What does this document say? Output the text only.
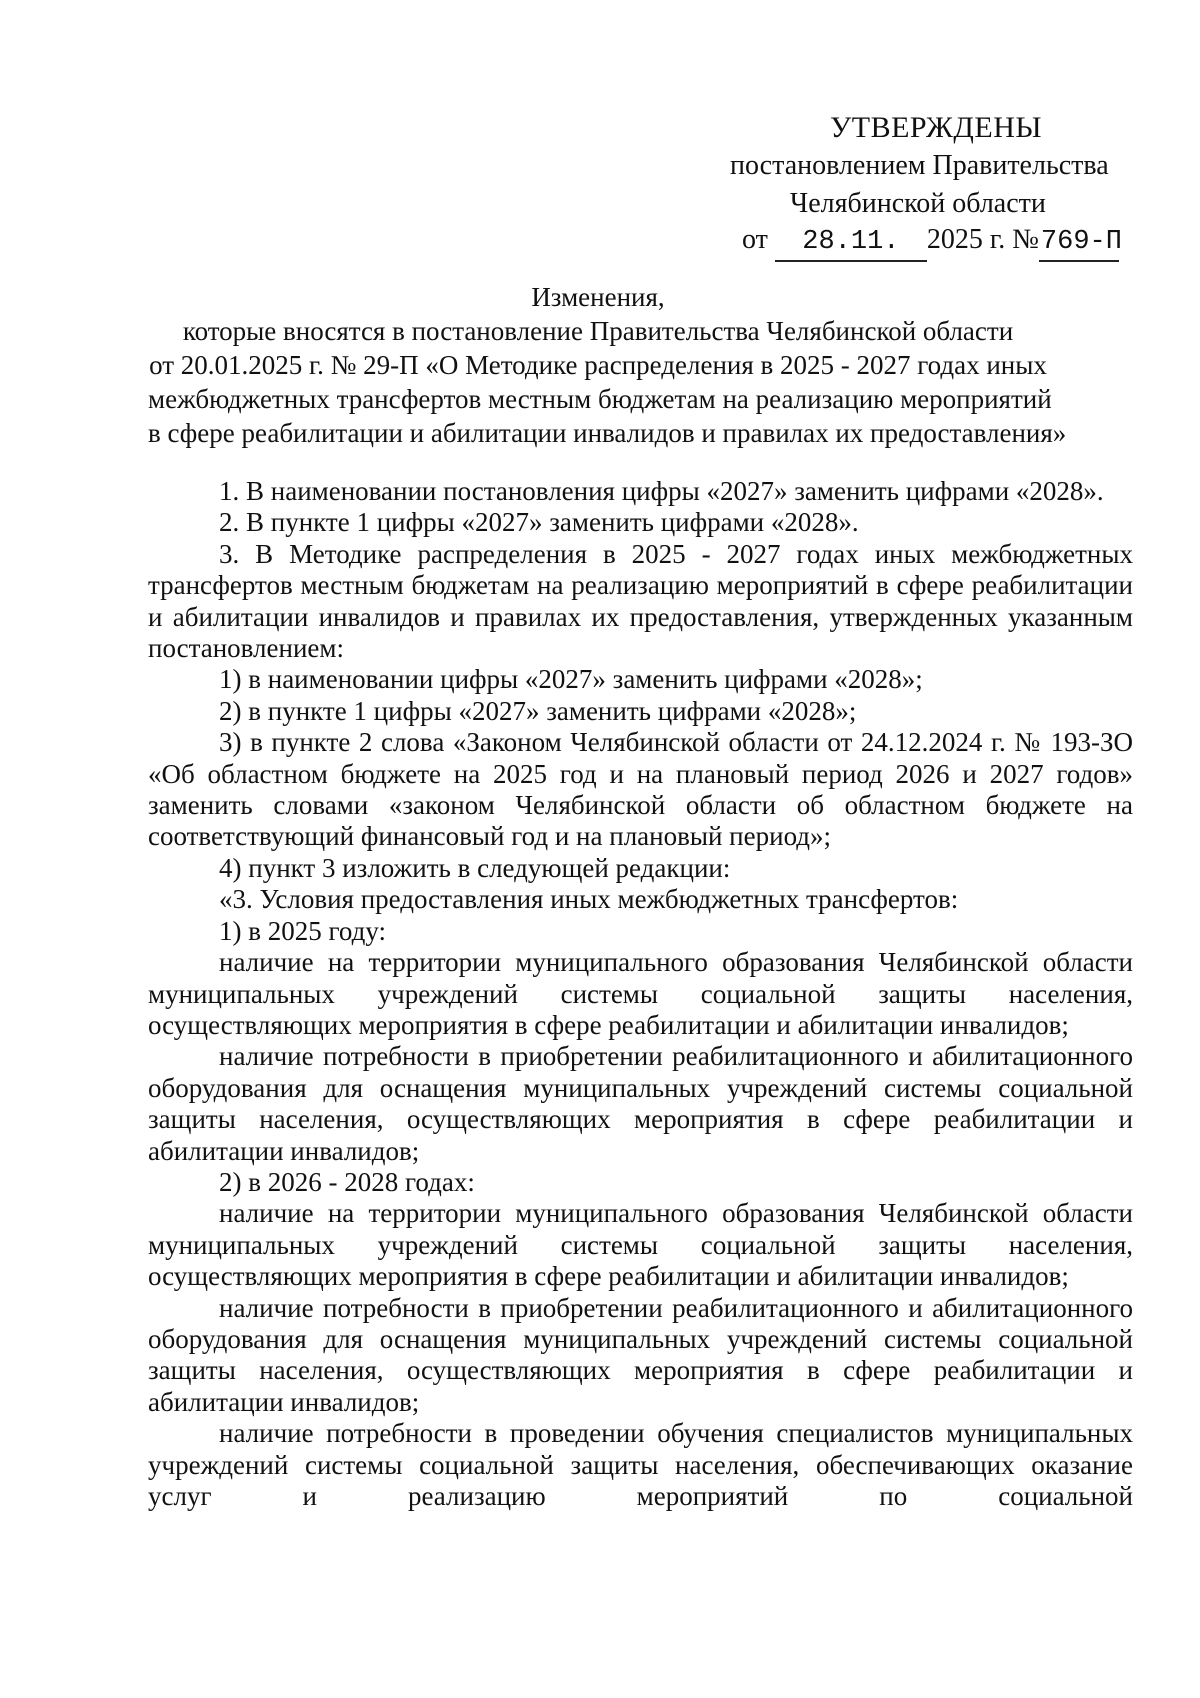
УТВЕРЖДЕНЫ
постановлением Правительства
Челябинской области
от 28.11. 2025 г. №769-П
Изменения,
которые вносятся в постановление Правительства Челябинской области
от 20.01.2025 г. № 29-П «О Методике распределения в 2025 - 2027 годах иных
межбюджетных трансфертов местным бюджетам на реализацию мероприятий
в сфере реабилитации и абилитации инвалидов и правилах их предоставления»

1. В наименовании постановления цифры «2027» заменить цифрами «2028».

2. В пункте 1 цифры «2027» заменить цифрами «2028».

3. В Методике распределения в 2025 - 2027 годах иных межбюджетных трансфертов местным бюджетам на реализацию мероприятий в сфере реабилитации и абилитации инвалидов и правилах их предоставления, утвержденных указанным постановлением:

1) в наименовании цифры «2027» заменить цифрами «2028»;

2) в пункте 1 цифры «2027» заменить цифрами «2028»;

3) в пункте 2 слова «Законом Челябинской области от 24.12.2024 г. № 193-ЗО «Об областном бюджете на 2025 год и на плановый период 2026 и 2027 годов» заменить словами «законом Челябинской области об областном бюджете на соответствующий финансовый год и на плановый период»;

4) пункт 3 изложить в следующей редакции:

«3. Условия предоставления иных межбюджетных трансфертов:

1) в 2025 году:

наличие на территории муниципального образования Челябинской области муниципальных учреждений системы социальной защиты населения, осуществляющих мероприятия в сфере реабилитации и абилитации инвалидов;

наличие потребности в приобретении реабилитационного и абилитационного оборудования для оснащения муниципальных учреждений системы социальной защиты населения, осуществляющих мероприятия в сфере реабилитации и абилитации инвалидов;

2) в 2026 - 2028 годах:

наличие на территории муниципального образования Челябинской области муниципальных учреждений системы социальной защиты населения, осуществляющих мероприятия в сфере реабилитации и абилитации инвалидов;

наличие потребности в приобретении реабилитационного и абилитационного оборудования для оснащения муниципальных учреждений системы социальной защиты населения, осуществляющих мероприятия в сфере реабилитации и абилитации инвалидов;

наличие потребности в проведении обучения специалистов муниципальных учреждений системы социальной защиты населения, обеспечивающих оказание услуг и реализацию мероприятий по социальной
